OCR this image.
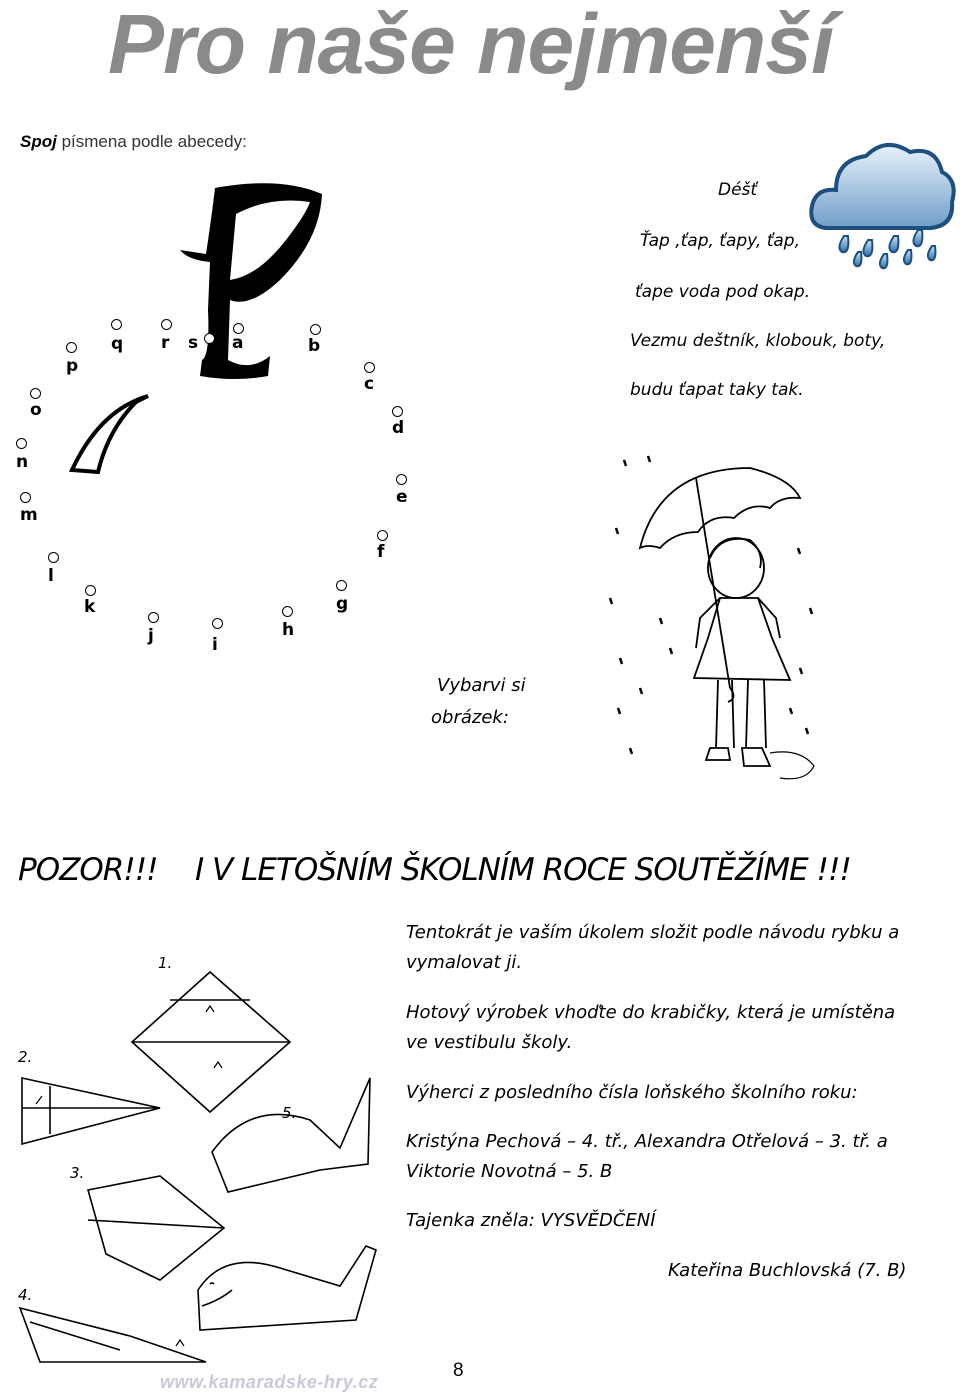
Pro naše nejmenší
Spoj písmena podle abecedy:
Déšť
Ťap ,ťap, ťapy, ťap,
ťape voda pod okap.
Vezmu deštník, klobouk, boty,
budu ťapat taky tak.
a	b
c
d
e
f
g
h
i
j
k
l
m
n
o
p
q r s
Vybarvi si
obrázek:
POZOR!!! I V LETOŠNÍM ŠKOLNÍM ROCE SOUTĚŽÍME !!!
Tentokrát je vaším úkolem složit podle návodu rybku a vymalovat ji.
Hotový výrobek vhoďte do krabičky, která je umístěna ve vestibulu školy.
Výherci z posledního čísla loňského školního roku:
Kristýna Pechová – 4. tř., Alexandra Otřelová – 3. tř. a Viktorie Novotná – 5. B
Tajenka zněla: VYSVĚDČENÍ
Kateřina Buchlovská (7. B)
1.
2.
3.
4.
5.
8
www.kamaradske-hry.cz
